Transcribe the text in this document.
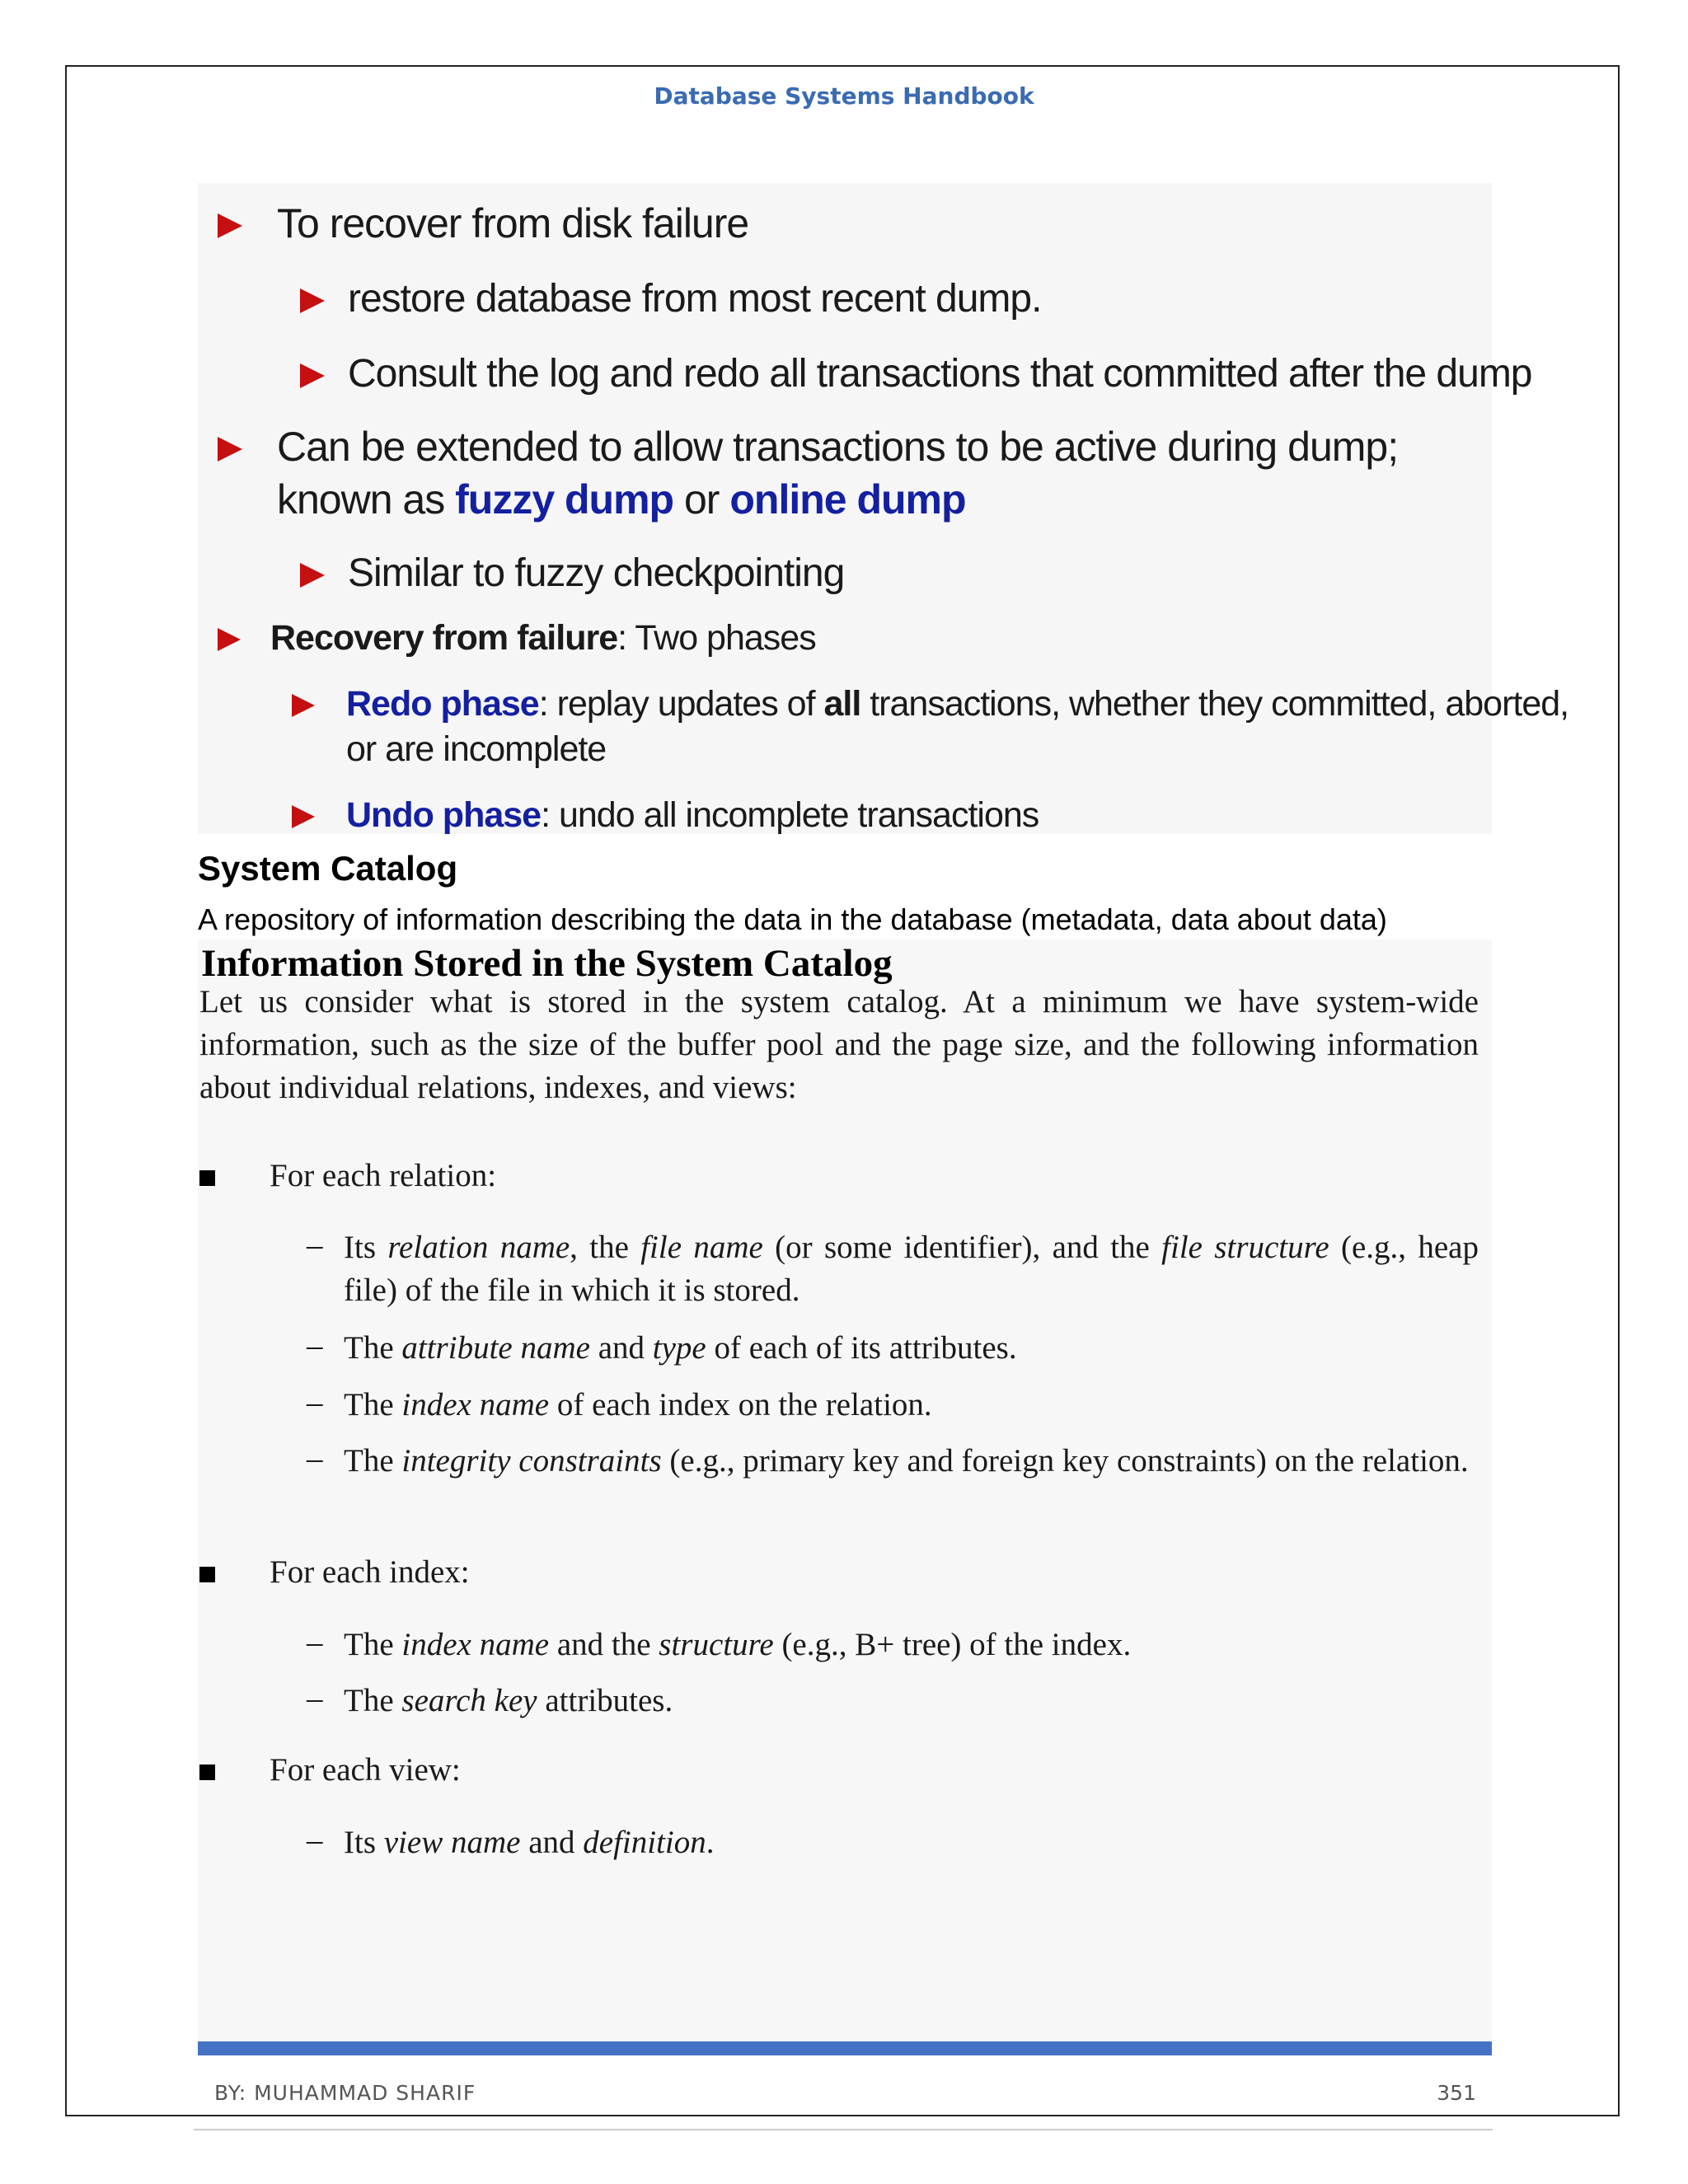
Database Systems Handbook
To recover from disk failure
restore database from most recent dump.
Consult the log and redo all transactions that committed after the dump
Can be extended to allow transactions to be active during dump;
known as fuzzy dump or online dump
Similar to fuzzy checkpointing
Recovery from failure: Two phases
Redo phase: replay updates of all transactions, whether they committed, aborted,
or are incomplete
Undo phase: undo all incomplete transactions
System Catalog
A repository of information describing the data in the database (metadata, data about data)
Information Stored in the System Catalog
Let us consider what is stored in the system catalog. At a minimum we have system-wide information, such as the size of the buffer pool and the page size, and the following information about individual relations, indexes, and views:
For each relation:
– Its relation name, the file name (or some identifier), and the file structure (e.g., heap file) of the file in which it is stored.
– The attribute name and type of each of its attributes.
– The index name of each index on the relation.
– The integrity constraints (e.g., primary key and foreign key constraints) on the relation.
For each index:
– The index name and the structure (e.g., B+ tree) of the index.
– The search key attributes.
For each view:
– Its view name and definition.
BY: MUHAMMAD SHARIF	351
